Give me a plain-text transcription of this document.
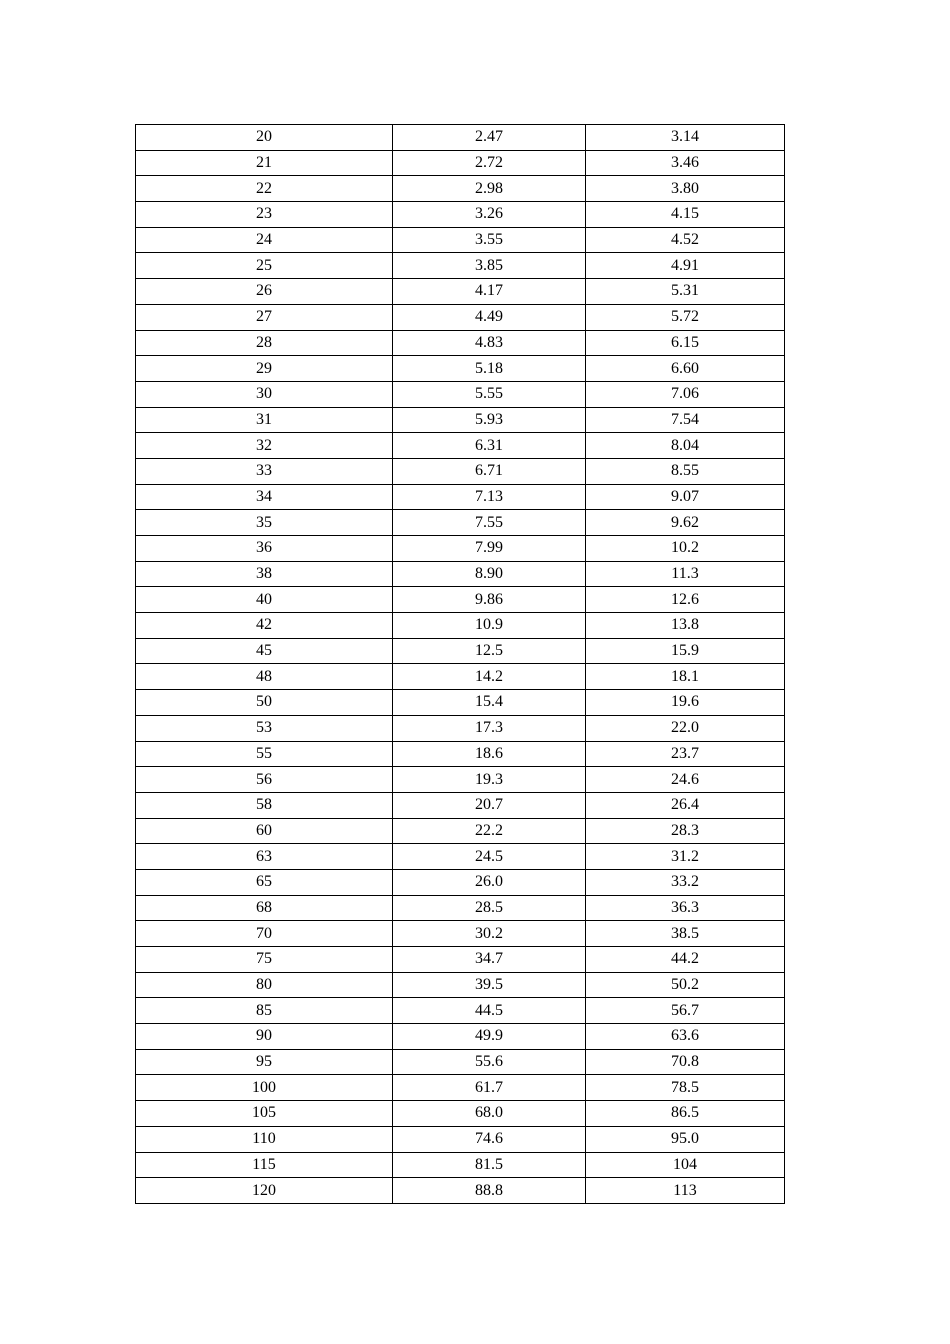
20	2.47	3.14
21	2.72	3.46
22	2.98	3.80
23	3.26	4.15
24	3.55	4.52
25	3.85	4.91
26	4.17	5.31
27	4.49	5.72
28	4.83	6.15
29	5.18	6.60
30	5.55	7.06
31	5.93	7.54
32	6.31	8.04
33	6.71	8.55
34	7.13	9.07
35	7.55	9.62
36	7.99	10.2
38	8.90	11.3
40	9.86	12.6
42	10.9	13.8
45	12.5	15.9
48	14.2	18.1
50	15.4	19.6
53	17.3	22.0
55	18.6	23.7
56	19.3	24.6
58	20.7	26.4
60	22.2	28.3
63	24.5	31.2
65	26.0	33.2
68	28.5	36.3
70	30.2	38.5
75	34.7	44.2
80	39.5	50.2
85	44.5	56.7
90	49.9	63.6
95	55.6	70.8
100	61.7	78.5
105	68.0	86.5
110	74.6	95.0
115	81.5	104
120	88.8	113
